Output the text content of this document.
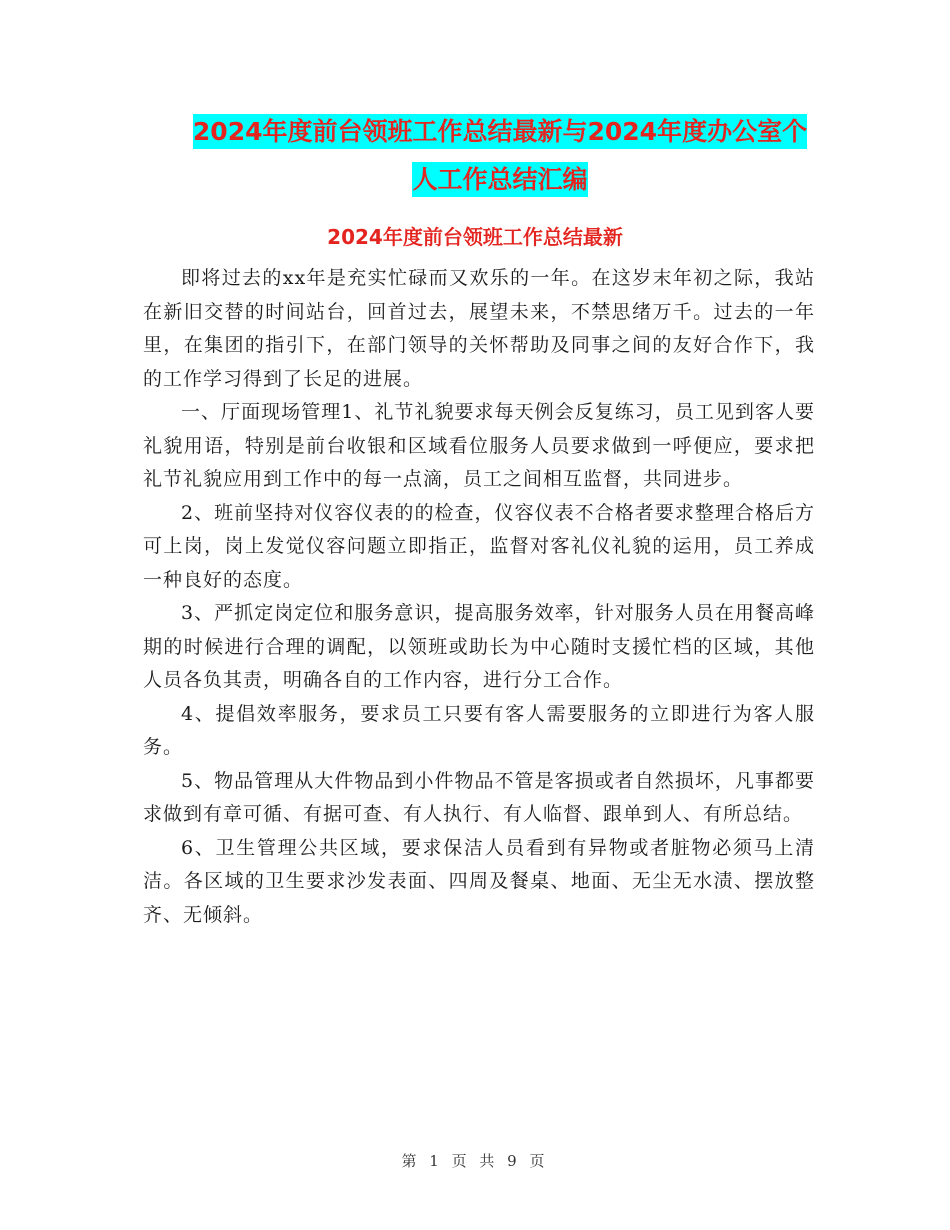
2024年度前台领班工作总结最新与2024年度办公室个
人工作总结汇编
2024年度前台领班工作总结最新

即将过去的xx年是充实忙碌而又欢乐的一年。在这岁末年初之际，我站在新旧交替的时间站台，回首过去，展望未来，不禁思绪万千。过去的一年里，在集团的指引下，在部门领导的关怀帮助及同事之间的友好合作下，我的工作学习得到了长足的进展。

一、厅面现场管理1、礼节礼貌要求每天例会反复练习，员工见到客人要礼貌用语，特别是前台收银和区域看位服务人员要求做到一呼便应，要求把礼节礼貌应用到工作中的每一点滴，员工之间相互监督，共同进步。

2、班前坚持对仪容仪表的的检查，仪容仪表不合格者要求整理合格后方可上岗，岗上发觉仪容问题立即指正，监督对客礼仪礼貌的运用，员工养成一种良好的态度。

3、严抓定岗定位和服务意识，提高服务效率，针对服务人员在用餐高峰期的时候进行合理的调配，以领班或助长为中心随时支援忙档的区域，其他人员各负其责，明确各自的工作内容，进行分工合作。

4、提倡效率服务，要求员工只要有客人需要服务的立即进行为客人服务。

5、物品管理从大件物品到小件物品不管是客损或者自然损坏，凡事都要求做到有章可循、有据可查、有人执行、有人临督、跟单到人、有所总结。

6、卫生管理公共区域，要求保洁人员看到有异物或者脏物必须马上清洁。各区域的卫生要求沙发表面、四周及餐桌、地面、无尘无水渍、摆放整齐、无倾斜。

第 1 页 共 9 页
